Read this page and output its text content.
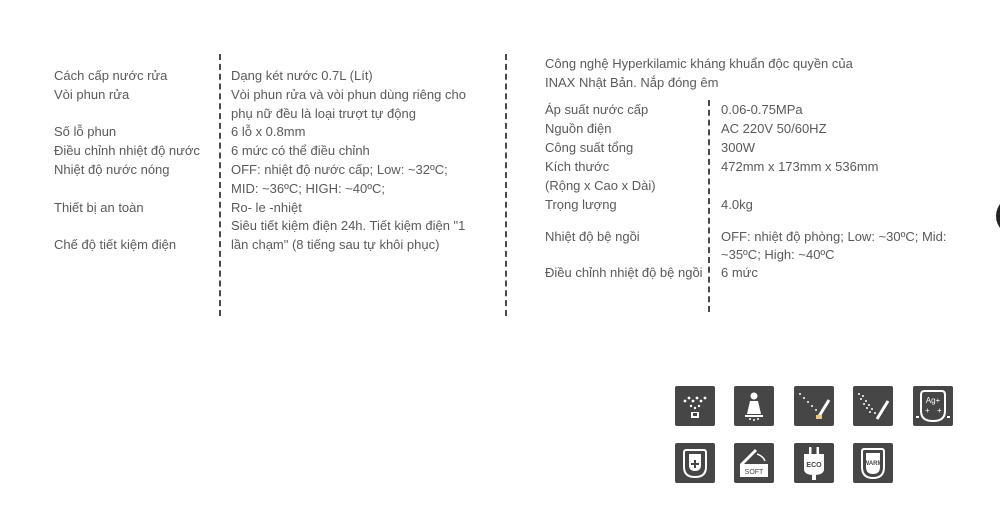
Cách cấp nước rửa
Vòi phun rửa
Số lỗ phun
Điều chỉnh nhiệt độ nước
Nhiệt độ nước nóng
Thiết bị an toàn
Chế độ tiết kiệm điện
Dạng két nước 0.7L (Lít)
Vòi phun rửa và vòi phun dùng riêng cho
phụ nữ đều là loại trượt tự động
6 lỗ x 0.8mm
6 mức có thể điều chỉnh
OFF: nhiệt độ nước cấp; Low: ~32ºC;
MID: ~36ºC; HIGH: ~40ºC;
Ro- le -nhiệt
Siêu tiết kiệm điện 24h. Tiết kiệm điện "1
lần chạm" (8 tiếng sau tự khôi phục)
Công nghệ Hyperkilamic kháng khuẩn độc quyền của
INAX Nhật Bản. Nắp đóng êm
Áp suất nước cấp
Nguồn điện
Công suất tổng
Kích thước
(Rộng x Cao x Dài)
Trọng lượng
Nhiệt độ bệ ngồi
Điều chỉnh nhiệt độ bệ ngồi
0.06-0.75MPa
AC 220V 50/60HZ
300W
472mm x 173mm x 536mm
4.0kg
OFF: nhiệt độ phòng; Low: ~30ºC; Mid:
~35ºC; High: ~40ºC
6 mức
Ag+
+ +
SOFT
ECO	WARM
